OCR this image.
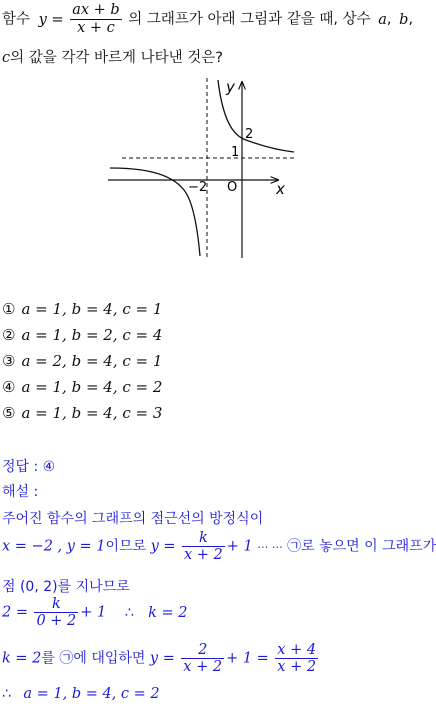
함수 $y = \frac{ax + b}{x + c}$ 의 그래프가 아래 그림과 같을 때, 상수 a, b,
c의 값을 각각 바르게 나타낸 것은?
y
x
O
2
1
−2
① a = 1, b = 4, c = 1
② a = 1, b = 2, c = 4
③ a = 2, b = 4, c = 1
④ a = 1, b = 4, c = 2
⑤ a = 1, b = 4, c = 3
정답 : ④
해설 :
주어진 함수의 그래프의 점근선의 방정식이
x = −2 , y = 1이므로 $y = \frac{k}{x + 2} + 1$ ⋯ ⋯ ㉠로 놓으면 이 그래프가
점 (0, 2)를 지나므로
$2 = \frac{k}{0 + 2} + 1$ ∴ k = 2
k = 2를 ㉠에 대입하면 $y = \frac{2}{x + 2} + 1 = \frac{x + 4}{x + 2}$
∴ a = 1, b = 4, c = 2
